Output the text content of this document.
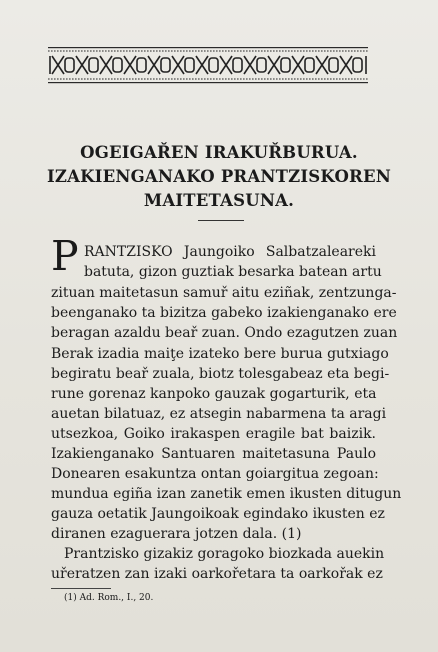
OGEIGAŘEN IRAKUŘBURUA.
IZAKIENGANAKO PRANTZISKOREN
MAITETASUNA.
P RANTZISKO Jaungoiko Salbatzaleareki
batuta, gizon guztiak besarka batean artu
zituan maitetasun samuř aitu eziñak, zentzunga-
beenganako ta bizitza gabeko izakienganako ere
beragan azaldu beař zuan. Ondo ezagutzen zuan
Berak izadia maiţe izateko bere burua gutxiago
begiratu beař zuala, biotz tolesgabeaz eta begi-
rune gorenaz kanpoko gauzak gogarturik, eta
auetan bilatuaz, ez atsegin nabarmena ta aragi
utsezkoa, Goiko irakaspen eragile bat baizik.
Izakienganako Santuaren maitetasuna Paulo
Donearen esakuntza ontan goiargitua zegoan:
mundua egiña izan zanetik emen ikusten ditugun
gauza oetatik Jaungoikoak egindako ikusten ez
diranen ezaguerara jotzen dala. (1)
Prantzisko gizakiz goragoko biozkada auekin
uřeratzen zan izaki oarkořetara ta oarkořak ez
(1) Ad. Rom., I., 20.
